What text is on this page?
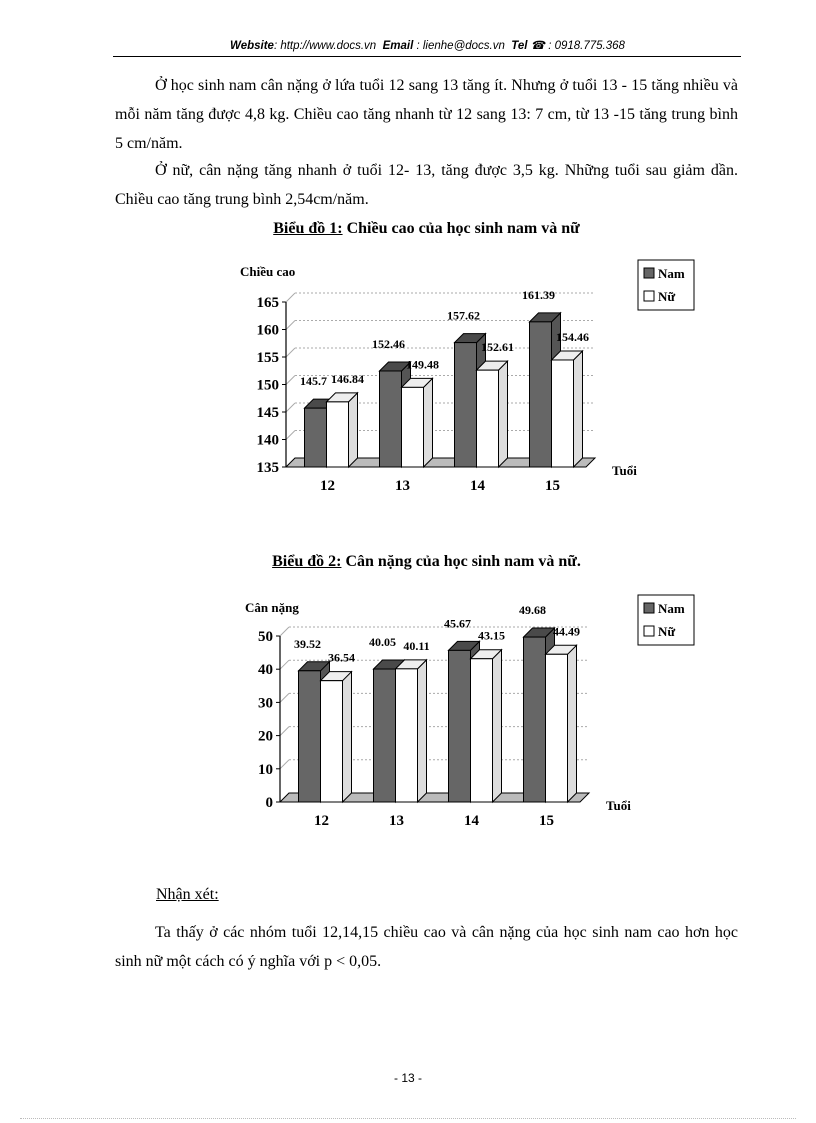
Website: http://www.docs.vn Email : lienhe@docs.vn Tel ☎ : 0918.775.368

Ở học sinh nam cân nặng ở lứa tuổi 12 sang 13 tăng ít. Nhưng ở tuổi 13 - 15 tăng nhiều và mỗi năm tăng được 4,8 kg. Chiều cao tăng nhanh từ 12 sang 13: 7 cm, từ 13 -15 tăng trung bình 5 cm/năm.

Ở nữ, cân nặng tăng nhanh ở tuổi 12- 13, tăng được 3,5 kg. Những tuổi sau giảm dần. Chiều cao tăng trung bình 2,54cm/năm.

Biểu đồ 1: Chiều cao của học sinh nam và nữ
135
140
145
150
155
160
165
145.7 146.84
12
152.46
149.48
13
157.62
152.61
14
161.39
154.46
15
Chiều cao
Tuổi
Nam
Nữ
Biểu đồ 2: Cân nặng của học sinh nam và nữ.
0
10
20
30
40
50 39.52
36.54
12
40.05 40.11
13
45.67
43.15
14
49.68
44.49
15
Cân nặng
Tuổi
Nam
Nữ
Nhận xét:

Ta thấy ở các nhóm tuổi 12,14,15 chiều cao và cân nặng của học sinh nam cao hơn học sinh nữ một cách có ý nghĩa với p < 0,05.

- 13 -
